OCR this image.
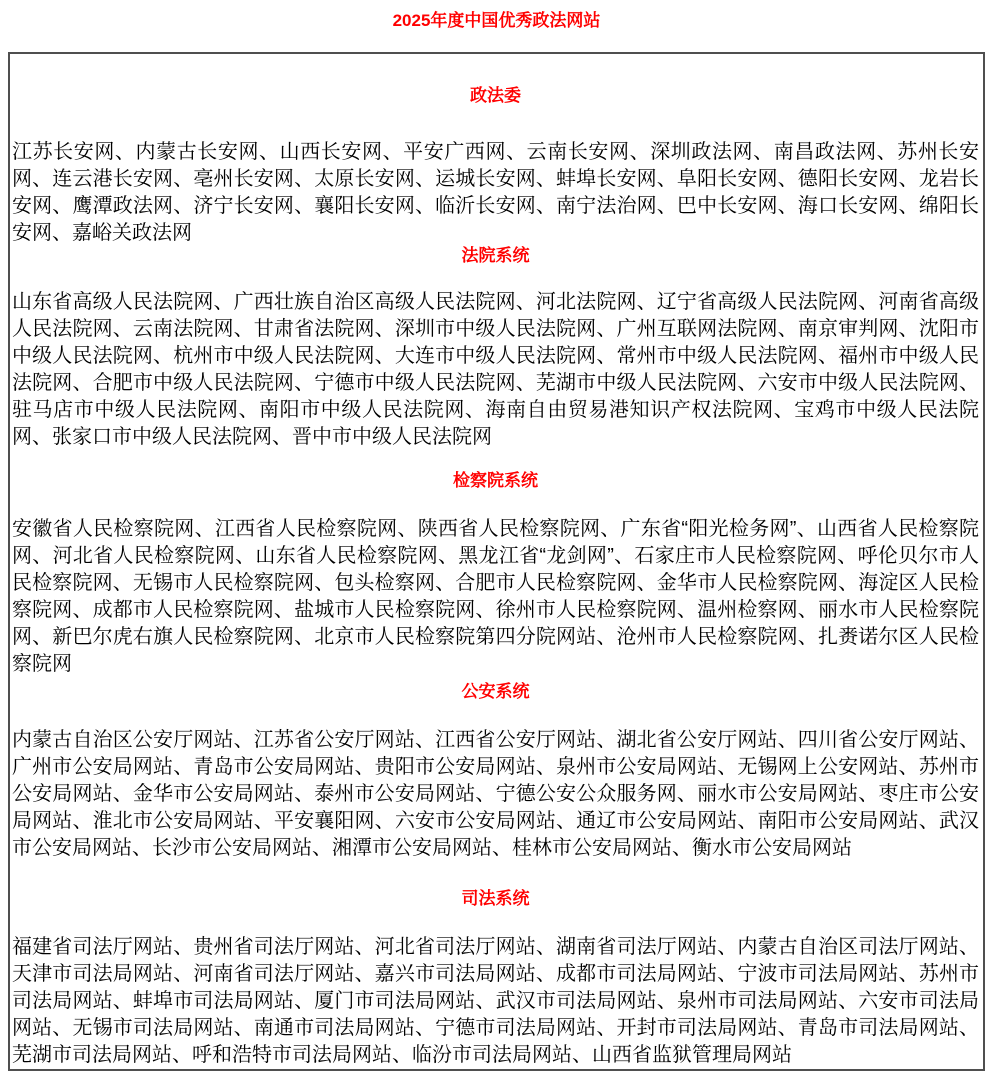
2025年度中国优秀政法网站
政法委

江苏长安网、内蒙古长安网、山西长安网、平安广西网、云南长安网、深圳政法网、南昌政法网、苏州长安网、连云港长安网、亳州长安网、太原长安网、运城长安网、蚌埠长安网、阜阳长安网、德阳长安网、龙岩长安网、鹰潭政法网、济宁长安网、襄阳长安网、临沂长安网、南宁法治网、巴中长安网、海口长安网、绵阳长安网、嘉峪关政法网

法院系统

山东省高级人民法院网、广西壮族自治区高级人民法院网、河北法院网、辽宁省高级人民法院网、河南省高级人民法院网、云南法院网、甘肃省法院网、深圳市中级人民法院网、广州互联网法院网、南京审判网、沈阳市中级人民法院网、杭州市中级人民法院网、大连市中级人民法院网、常州市中级人民法院网、福州市中级人民法院网、合肥市中级人民法院网、宁德市中级人民法院网、芜湖市中级人民法院网、六安市中级人民法院网、驻马店市中级人民法院网、南阳市中级人民法院网、海南自由贸易港知识产权法院网、宝鸡市中级人民法院网、张家口市中级人民法院网、晋中市中级人民法院网

检察院系统

安徽省人民检察院网、江西省人民检察院网、陕西省人民检察院网、广东省“阳光检务网”、山西省人民检察院网、河北省人民检察院网、山东省人民检察院网、黑龙江省“龙剑网”、石家庄市人民检察院网、呼伦贝尔市人民检察院网、无锡市人民检察院网、包头检察网、合肥市人民检察院网、金华市人民检察院网、海淀区人民检察院网、成都市人民检察院网、盐城市人民检察院网、徐州市人民检察院网、温州检察网、丽水市人民检察院网、新巴尔虎右旗人民检察院网、北京市人民检察院第四分院网站、沧州市人民检察院网、扎赉诺尔区人民检察院网

公安系统

内蒙古自治区公安厅网站、江苏省公安厅网站、江西省公安厅网站、湖北省公安厅网站、四川省公安厅网站、广州市公安局网站、青岛市公安局网站、贵阳市公安局网站、泉州市公安局网站、无锡网上公安网站、苏州市公安局网站、金华市公安局网站、泰州市公安局网站、宁德公安公众服务网、丽水市公安局网站、枣庄市公安局网站、淮北市公安局网站、平安襄阳网、六安市公安局网站、通辽市公安局网站、南阳市公安局网站、武汉市公安局网站、长沙市公安局网站、湘潭市公安局网站、桂林市公安局网站、衡水市公安局网站

司法系统

福建省司法厅网站、贵州省司法厅网站、河北省司法厅网站、湖南省司法厅网站、内蒙古自治区司法厅网站、天津市司法局网站、河南省司法厅网站、嘉兴市司法局网站、成都市司法局网站、宁波市司法局网站、苏州市司法局网站、蚌埠市司法局网站、厦门市司法局网站、武汉市司法局网站、泉州市司法局网站、六安市司法局网站、无锡市司法局网站、南通市司法局网站、宁德市司法局网站、开封市司法局网站、青岛市司法局网站、芜湖市司法局网站、呼和浩特市司法局网站、临汾市司法局网站、山西省监狱管理局网站
